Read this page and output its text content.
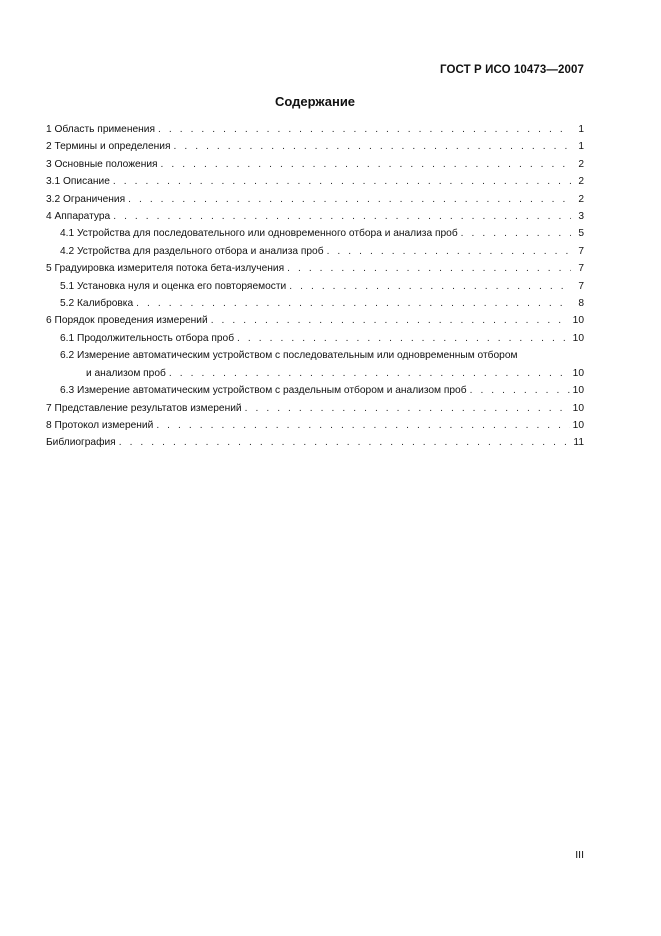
ГОСТ Р ИСО 10473—2007
Содержание
1 Область применения . . .	1
2 Термины и определения . . .	1
3 Основные положения . . .	2
3.1 Описание . . .	2
3.2 Ограничения . . .	2
4 Аппаратура . . .	3
4.1 Устройства для последовательного или одновременного отбора и анализа проб . . .	5
4.2 Устройства для раздельного отбора и анализа проб . . .	7
5 Градуировка измерителя потока бета-излучения . . .	7
5.1 Установка нуля и оценка его повторяемости . . .	7
5.2 Калибровка . . .	8
6 Порядок проведения измерений . . .	10
6.1 Продолжительность отбора проб . . .	10
6.2 Измерение автоматическим устройством с последовательным или одновременным отбором
и анализом проб . . .	10
6.3 Измерение автоматическим устройством с раздельным отбором и анализом проб . . .	10
7 Представление результатов измерений . . .	10
8 Протокол измерений . . .	10
Библиография . . .	11
III
